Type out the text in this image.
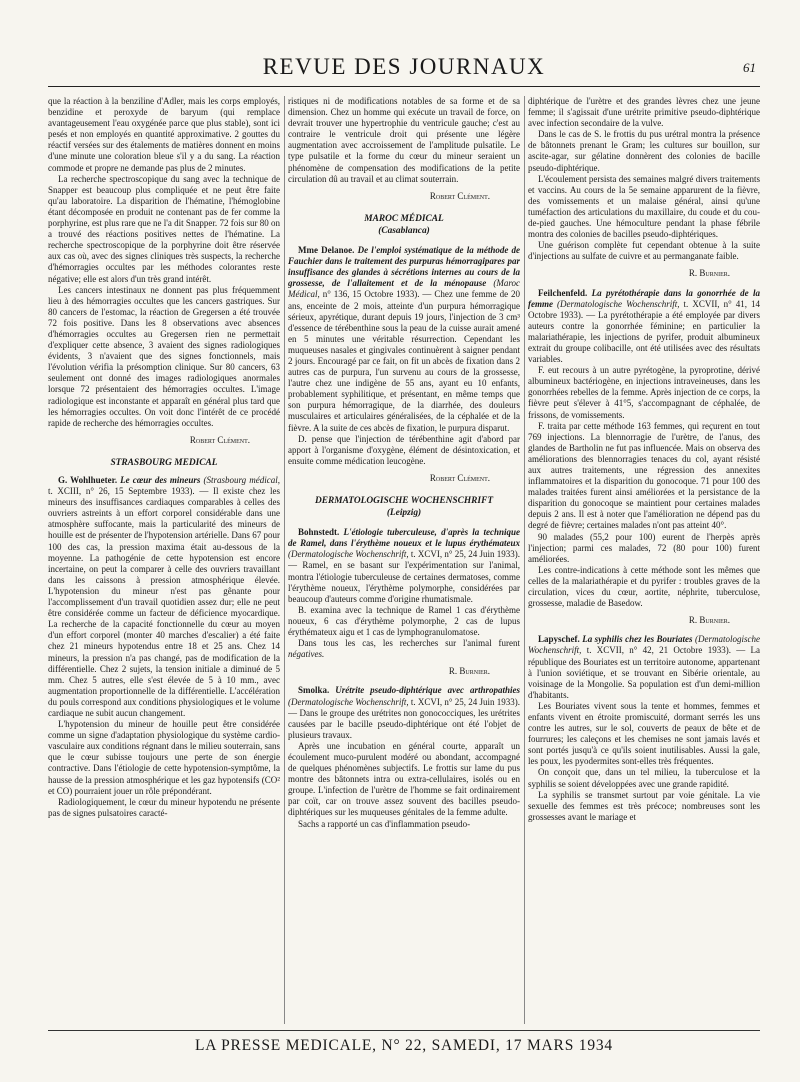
REVUE DES JOURNAUX	61

que la réaction à la benziline d'Adler, mais les corps employés, benzidine et peroxyde de baryum (qui remplace avantageusement l'eau oxygénée parce que plus stable), sont ici pesés et non employés en quantité approximative. 2 gouttes du réactif versées sur des étalements de matières donnent en moins d'une minute une coloration bleue s'il y a du sang. La réaction commode et propre ne demande pas plus de 2 minutes.

La recherche spectroscopique du sang avec la technique de Snapper est beaucoup plus compliquée et ne peut être faite qu'au laboratoire. La disparition de l'hématine, l'hémoglobine étant décomposée en produit ne contenant pas de fer comme la porphyrine, est plus rare que ne l'a dit Snapper. 72 fois sur 80 on a trouvé des réactions positives nettes de l'hématine. La recherche spectroscopique de la porphyrine doit être réservée aux cas où, avec des signes cliniques très suspects, la recherche d'hémorragies occultes par les méthodes colorantes reste négative; elle est alors d'un très grand intérêt.

Les cancers intestinaux ne donnent pas plus fréquemment lieu à des hémorragies occultes que les cancers gastriques. Sur 80 cancers de l'estomac, la réaction de Gregersen a été trouvée 72 fois positive. Dans les 8 observations avec absences d'hémorragies occultes au Gregersen rien ne permettait d'expliquer cette absence, 3 avaient des signes radiologiques évidents, 3 n'avaient que des signes fonctionnels, mais l'évolution vérifia la présomption clinique. Sur 80 cancers, 63 seulement ont donné des images radiologiques anormales lorsque 72 présentaient des hémorragies occultes. L'image radiologique est inconstante et apparaît en général plus tard que les hémorragies occultes. On voit donc l'intérêt de ce procédé rapide de recherche des hémorragies occultes.

Robert Clément.
STRASBOURG MEDICAL

G. Wohlhueter. Le cœur des mineurs (Strasbourg médical, t. XCIII, n° 26, 15 Septembre 1933). — Il existe chez les mineurs des insuffisances cardiaques comparables à celles des ouvriers astreints à un effort corporel considérable dans une atmosphère suffocante, mais la particularité des mineurs de houille est de présenter de l'hypotension artérielle. Dans 67 pour 100 des cas, la pression maxima était au-dessous de la moyenne. La pathogénie de cette hypotension est encore incertaine, on peut la comparer à celle des ouvriers travaillant dans les caissons à pression atmosphérique élevée. L'hypotension du mineur n'est pas gênante pour l'accomplissement d'un travail quotidien assez dur; elle ne peut être considérée comme un facteur de déficience myocardique. La recherche de la capacité fonctionnelle du cœur au moyen d'un effort corporel (monter 40 marches d'escalier) a été faite chez 21 mineurs hypotendus entre 18 et 25 ans. Chez 14 mineurs, la pression n'a pas changé, pas de modification de la différentielle. Chez 2 sujets, la tension initiale a diminué de 5 mm. Chez 5 autres, elle s'est élevée de 5 à 10 mm., avec augmentation proportionnelle de la différentielle. L'accélération du pouls correspond aux conditions physiologiques et le volume cardiaque ne subit aucun changement.

L'hypotension du mineur de houille peut être considérée comme un signe d'adaptation physiologique du système cardio-vasculaire aux conditions régnant dans le milieu souterrain, sans que le cœur subisse toujours une perte de son énergie contractive. Dans l'étiologie de cette hypotension-symptôme, la hausse de la pression atmosphérique et les gaz hypotensifs (CO² et CO) pourraient jouer un rôle prépondérant.

Radiologiquement, le cœur du mineur hypotendu ne présente pas de signes pulsatoires caracté-

ristiques ni de modifications notables de sa forme et de sa dimension. Chez un homme qui exécute un travail de force, on devrait trouver une hypertrophie du ventricule gauche; c'est au contraire le ventricule droit qui présente une légère augmentation avec accroissement de l'amplitude pulsatile. Le type pulsatile et la forme du cœur du mineur seraient un phénomène de compensation des modifications de la petite circulation dû au travail et au climat souterrain.

Robert Clément.
MAROC MÉDICAL
(Casablanca)

Mme Delanoe. De l'emploi systématique de la méthode de Fauchier dans le traitement des purpuras hémorragipares par insuffisance des glandes à sécrétions internes au cours de la grossesse, de l'allaitement et de la ménopause (Maroc Médical, n° 136, 15 Octobre 1933). — Chez une femme de 20 ans, enceinte de 2 mois, atteinte d'un purpura hémorragique sérieux, apyrétique, durant depuis 19 jours, l'injection de 3 cm³ d'essence de térébenthine sous la peau de la cuisse aurait amené en 5 minutes une véritable résurrection. Cependant les muqueuses nasales et gingivales continuèrent à saigner pendant 2 jours. Encouragé par ce fait, on fit un abcès de fixation dans 2 autres cas de purpura, l'un survenu au cours de la grossesse, l'autre chez une indigène de 55 ans, ayant eu 10 enfants, probablement syphilitique, et présentant, en même temps que son purpura hémorragique, de la diarrhée, des douleurs musculaires et articulaires généralisées, de la céphalée et de la fièvre. A la suite de ces abcès de fixation, le purpura disparut.

D. pense que l'injection de térébenthine agit d'abord par apport à l'organisme d'oxygène, élément de désintoxication, et ensuite comme médication leucogène.

Robert Clément.
DERMATOLOGISCHE WOCHENSCHRIFT
(Leipzig)

Bohnstedt. L'étiologie tuberculeuse, d'après la technique de Ramel, dans l'érythème noueux et le lupus érythémateux (Dermatologische Wochenschrift, t. XCVI, n° 25, 24 Juin 1933). — Ramel, en se basant sur l'expérimentation sur l'animal, montra l'étiologie tuberculeuse de certaines dermatoses, comme l'érythème noueux, l'érythème polymorphe, considérées par beaucoup d'auteurs comme d'origine rhumatismale.

B. examina avec la technique de Ramel 1 cas d'érythème noueux, 6 cas d'érythème polymorphe, 2 cas de lupus érythémateux aigu et 1 cas de lymphogranulomatose.

Dans tous les cas, les recherches sur l'animal furent négatives.

R. Burnier.

Smolka. Urétrite pseudo-diphtérique avec arthropathies (Dermatologische Wochenschrift, t. XCVI, n° 25, 24 Juin 1933). — Dans le groupe des urétrites non gonococciques, les urétrites causées par le bacille pseudo-diphtérique ont été l'objet de plusieurs travaux.

Après une incubation en général courte, apparaît un écoulement muco-purulent modéré ou abondant, accompagné de quelques phénomènes subjectifs. Le frottis sur lame du pus montre des bâtonnets intra ou extra-cellulaires, isolés ou en groupe. L'infection de l'urètre de l'homme se fait ordinairement par coït, car on trouve assez souvent des bacilles pseudo-diphtériques sur les muqueuses génitales de la femme adulte.

Sachs a rapporté un cas d'inflammation pseudo-

diphtérique de l'urètre et des grandes lèvres chez une jeune femme; il s'agissait d'une urétrite primitive pseudo-diphtérique avec infection secondaire de la vulve.

Dans le cas de S. le frottis du pus urétral montra la présence de bâtonnets prenant le Gram; les cultures sur bouillon, sur ascite-agar, sur gélatine donnèrent des colonies de bacille pseudo-diphtérique.

L'écoulement persista des semaines malgré divers traitements et vaccins. Au cours de la 5e semaine apparurent de la fièvre, des vomissements et un malaise général, ainsi qu'une tuméfaction des articulations du maxillaire, du coude et du cou-de-pied gauches. Une hémoculture pendant la phase fébrile montra des colonies de bacilles pseudo-diphtériques.

Une guérison complète fut cependant obtenue à la suite d'injections au sulfate de cuivre et au permanganate faible.

R. Burnier.

Feilchenfeld. La pyrétothérapie dans la gonorrhée de la femme (Dermatologische Wochenschrift, t. XCVII, n° 41, 14 Octobre 1933). — La pyrétothérapie a été employée par divers auteurs contre la gonorrhée féminine; en particulier la malariathérapie, les injections de pyrifer, produit albumineux extrait du groupe colibacille, ont été utilisées avec des résultats variables.

F. eut recours à un autre pyrétogène, la pyroprotine, dérivé albumineux bactériogène, en injections intraveineuses, dans les gonorrhées rebelles de la femme. Après injection de ce corps, la fièvre peut s'élever à 41°5, s'accompagnant de céphalée, de frissons, de vomissements.

F. traita par cette méthode 163 femmes, qui reçurent en tout 769 injections. La blennorragie de l'urètre, de l'anus, des glandes de Bartholin ne fut pas influencée. Mais on observa des améliorations des blennorragies tenaces du col, ayant résisté aux autres traitements, une régression des annexites inflammatoires et la disparition du gonocoque. 71 pour 100 des malades traitées furent ainsi améliorées et la persistance de la disparition du gonocoque se maintient pour certaines malades depuis 2 ans. Il est à noter que l'amélioration ne dépend pas du degré de fièvre; certaines malades n'ont pas atteint 40°.

90 malades (55,2 pour 100) eurent de l'herpès après l'injection; parmi ces malades, 72 (80 pour 100) furent améliorées.

Les contre-indications à cette méthode sont les mêmes que celles de la malariathérapie et du pyrifer : troubles graves de la circulation, vices du cœur, aortite, néphrite, tuberculose, grossesse, maladie de Basedow.

R. Burnier.

Lapyschef. La syphilis chez les Bouriates (Dermatologische Wochenschrift, t. XCVII, n° 42, 21 Octobre 1933). — La république des Bouriates est un territoire autonome, appartenant à l'union soviétique, et se trouvant en Sibérie orientale, au voisinage de la Mongolie. Sa population est d'un demi-million d'habitants.

Les Bouriates vivent sous la tente et hommes, femmes et enfants vivent en étroite promiscuité, dormant serrés les uns contre les autres, sur le sol, couverts de peaux de bête et de fourrures; les caleçons et les chemises ne sont jamais lavés et sont portés jusqu'à ce qu'ils soient inutilisables. Aussi la gale, les poux, les pyodermites sont-elles très fréquentes.

On conçoit que, dans un tel milieu, la tuberculose et la syphilis se soient développées avec une grande rapidité.

La syphilis se transmet surtout par voie génitale. La vie sexuelle des femmes est très précoce; nombreuses sont les grossesses avant le mariage et

LA PRESSE MEDICALE, N° 22, SAMEDI, 17 MARS 1934
